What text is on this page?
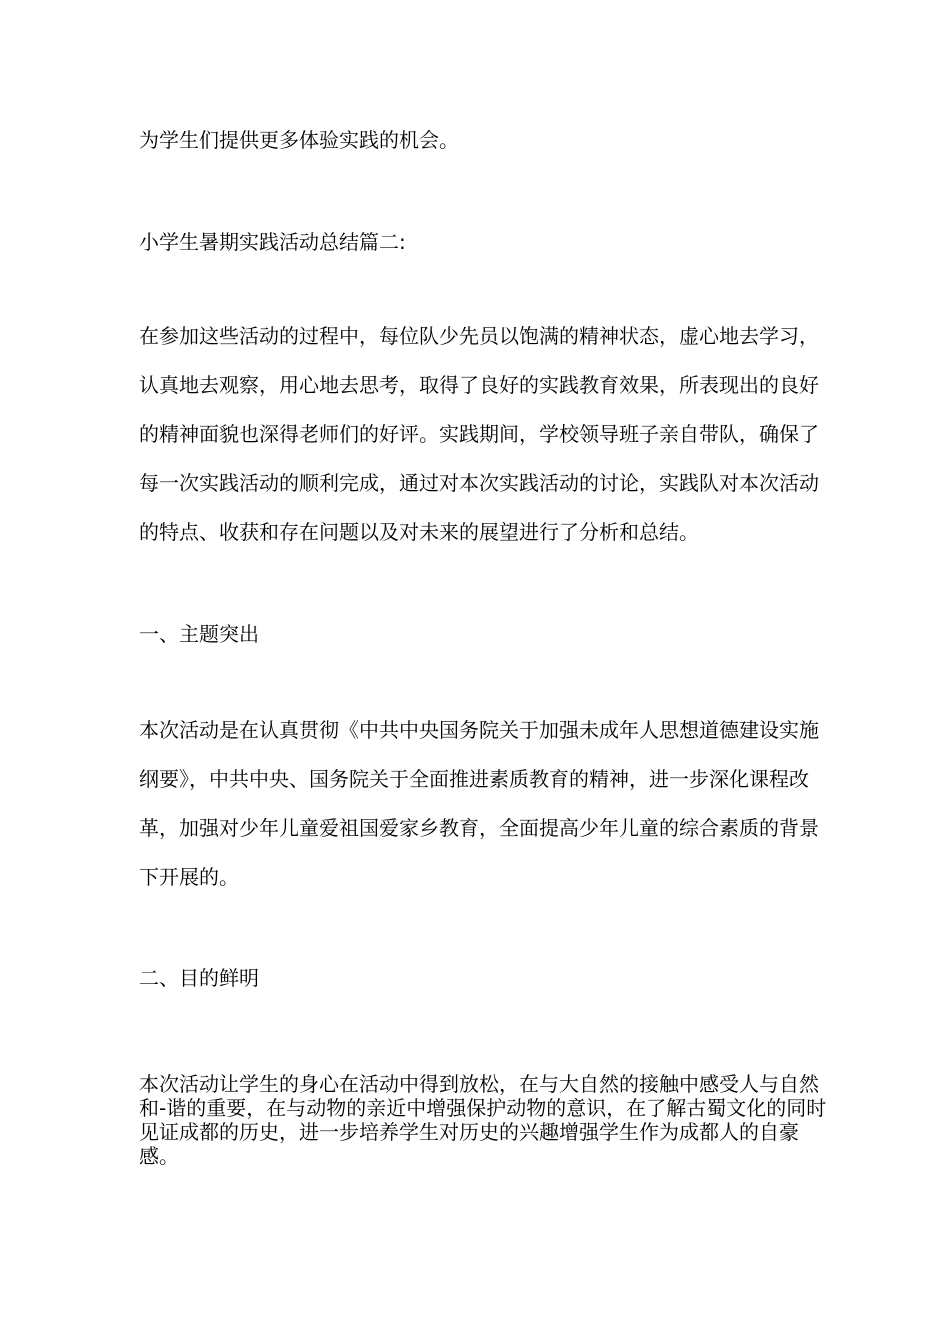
为学生们提供更多体验实践的机会。

小学生暑期实践活动总结篇二:

在参加这些活动的过程中，每位队少先员以饱满的精神状态，虚心地去学习，认真地去观察，用心地去思考，取得了良好的实践教育效果，所表现出的良好的精神面貌也深得老师们的好评。实践期间，学校领导班子亲自带队，确保了每一次实践活动的顺利完成，通过对本次实践活动的讨论，实践队对本次活动的特点、收获和存在问题以及对未来的展望进行了分析和总结。

一、主题突出

本次活动是在认真贯彻《中共中央国务院关于加强未成年人思想道德建设实施纲要》，中共中央、国务院关于全面推进素质教育的精神，进一步深化课程改革，加强对少年儿童爱祖国爱家乡教育，全面提高少年儿童的综合素质的背景下开展的。

二、目的鲜明

本次活动让学生的身心在活动中得到放松，在与大自然的接触中感受人与自然和-谐的重要，在与动物的亲近中增强保护动物的意识，在了解古蜀文化的同时见证成都的历史，进一步培养学生对历史的兴趣增强学生作为成都人的自豪感。
